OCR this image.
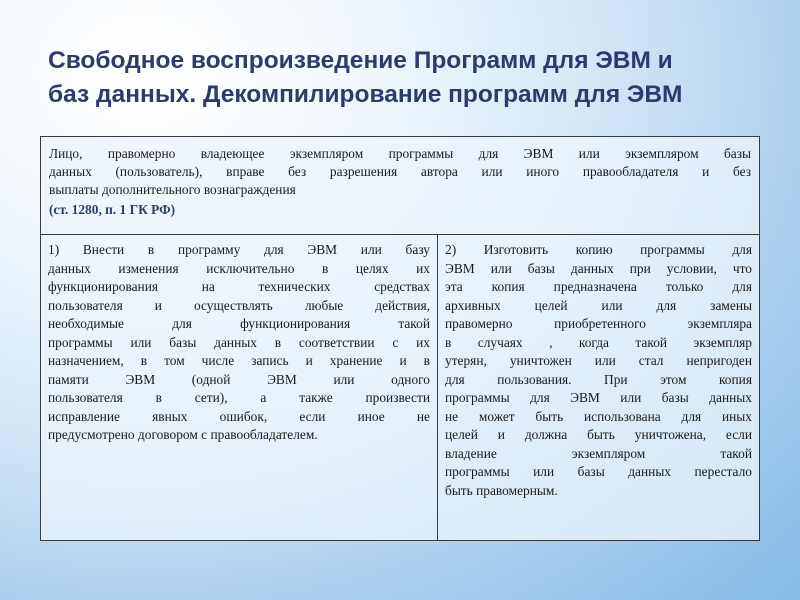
Свободное воспроизведение Программ для ЭВМ и
баз данных. Декомпилирование программ для ЭВМ
Лицо, правомерно владеющее экземпляром программы для ЭВМ или экземпляром базы
данных (пользователь), вправе без разрешения автора или иного правообладателя и без
выплаты дополнительного вознаграждения
(ст. 1280, п. 1 ГК РФ)
1) Внести в программу для ЭВМ или базу
данных изменения исключительно в целях их
функционирования на технических средствах
пользователя и осуществлять любые действия,
необходимые для функционирования такой
программы или базы данных в соответствии с их
назначением, в том числе запись и хранение и в
памяти ЭВМ (одной ЭВМ или одного
пользователя в сети), а также произвести
исправление явных ошибок, если иное не
предусмотрено договором с правообладателем.
2) Изготовить копию программы для
ЭВМ или базы данных при условии, что
эта копия предназначена только для
архивных целей или для замены
правомерно приобретенного экземпляра
в случаях , когда такой экземпляр
утерян, уничтожен или стал непригоден
для пользования. При этом копия
программы для ЭВМ или базы данных
не может быть использована для иных
целей и должна быть уничтожена, если
владение экземпляром такой
программы или базы данных перестало
быть правомерным.
